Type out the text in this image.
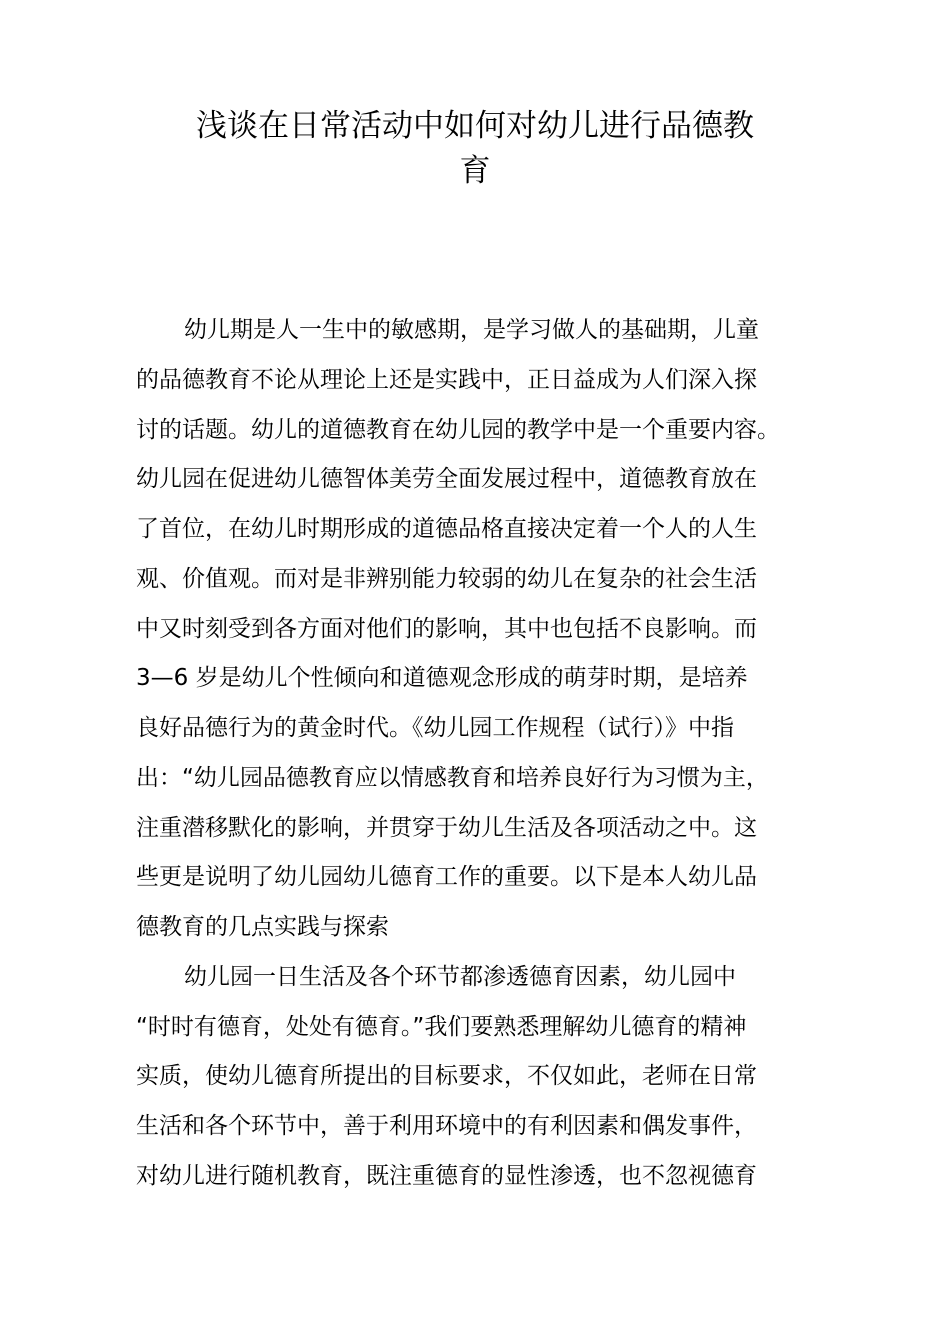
浅谈在日常活动中如何对幼儿进行品德教
育
幼儿期是人一生中的敏感期，是学习做人的基础期，儿童
的品德教育不论从理论上还是实践中，正日益成为人们深入探
讨的话题。幼儿的道德教育在幼儿园的教学中是一个重要内容。
幼儿园在促进幼儿德智体美劳全面发展过程中，道德教育放在
了首位，在幼儿时期形成的道德品格直接决定着一个人的人生
观、价值观。而对是非辨别能力较弱的幼儿在复杂的社会生活
中又时刻受到各方面对他们的影响，其中也包括不良影响。而
3—6 岁是幼儿个性倾向和道德观念形成的萌芽时期，是培养
良好品德行为的黄金时代。《幼儿园工作规程（试行）》中指
出：“幼儿园品德教育应以情感教育和培养良好行为习惯为主，
注重潜移默化的影响，并贯穿于幼儿生活及各项活动之中。这
些更是说明了幼儿园幼儿德育工作的重要。以下是本人幼儿品
德教育的几点实践与探索
幼儿园一日生活及各个环节都渗透德育因素，幼儿园中
“时时有德育，处处有德育。”我们要熟悉理解幼儿德育的精神
实质，使幼儿德育所提出的目标要求，不仅如此，老师在日常
生活和各个环节中，善于利用环境中的有利因素和偶发事件，
对幼儿进行随机教育，既注重德育的显性渗透，也不忽视德育
